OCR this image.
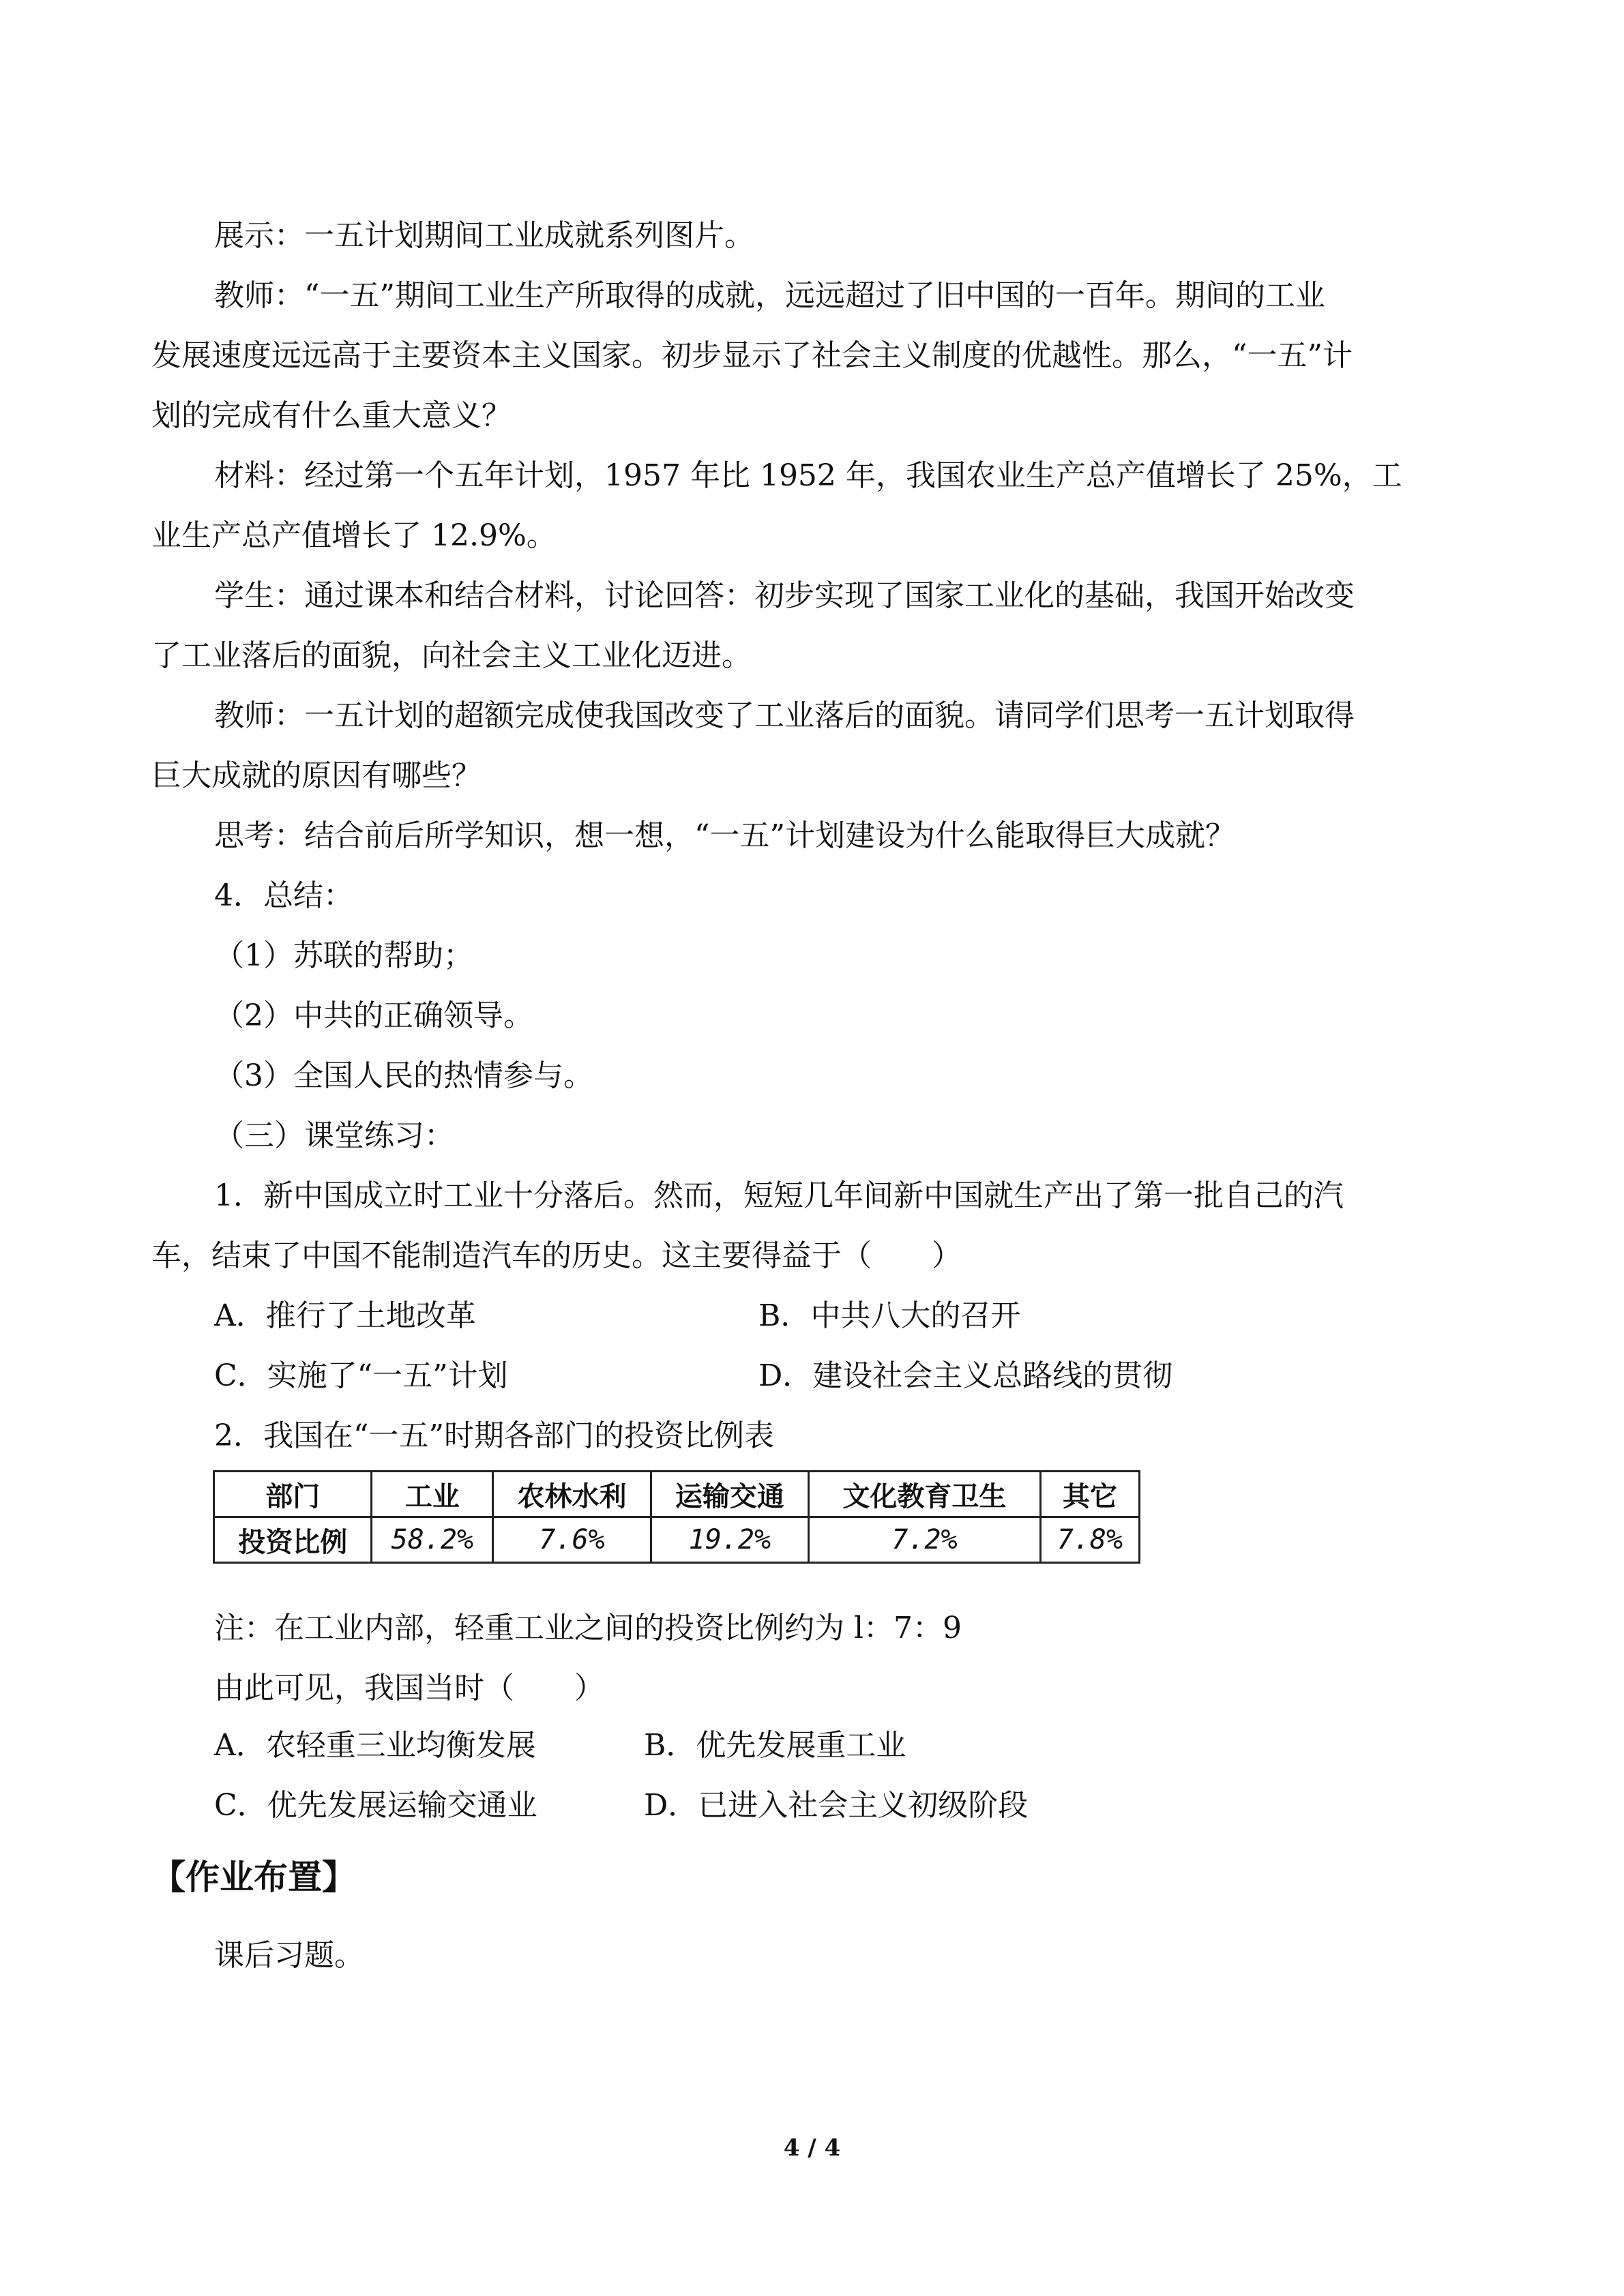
展示：一五计划期间工业成就系列图片。
教师：“一五”期间工业生产所取得的成就，远远超过了旧中国的一百年。期间的工业
发展速度远远高于主要资本主义国家。初步显示了社会主义制度的优越性。那么，“一五”计
划的完成有什么重大意义？
材料：经过第一个五年计划，1957 年比 1952 年，我国农业生产总产值增长了 25%，工
业生产总产值增长了 12.9%。
学生：通过课本和结合材料，讨论回答：初步实现了国家工业化的基础，我国开始改变
了工业落后的面貌，向社会主义工业化迈进。
教师：一五计划的超额完成使我国改变了工业落后的面貌。请同学们思考一五计划取得
巨大成就的原因有哪些？
思考：结合前后所学知识，想一想，“一五”计划建设为什么能取得巨大成就？
4．总结：
（1）苏联的帮助；
（2）中共的正确领导。
（3）全国人民的热情参与。
（三）课堂练习：
1．新中国成立时工业十分落后。然而，短短几年间新中国就生产出了第一批自己的汽
车，结束了中国不能制造汽车的历史。这主要得益于（　　）
A．推行了土地改革	B．中共八大的召开
C．实施了“一五”计划	D．建设社会主义总路线的贯彻
2．我国在“一五”时期各部门的投资比例表
部门	工业	农林水利	运输交通	文化教育卫生	其它
投资比例	58.2%	7.6%	19.2%	7.2%	7.8%
注：在工业内部，轻重工业之间的投资比例约为 l：7：9
由此可见，我国当时（　　）
A．农轻重三业均衡发展	B．优先发展重工业
C．优先发展运输交通业	D．已进入社会主义初级阶段
【作业布置】
课后习题。
4 / 4
